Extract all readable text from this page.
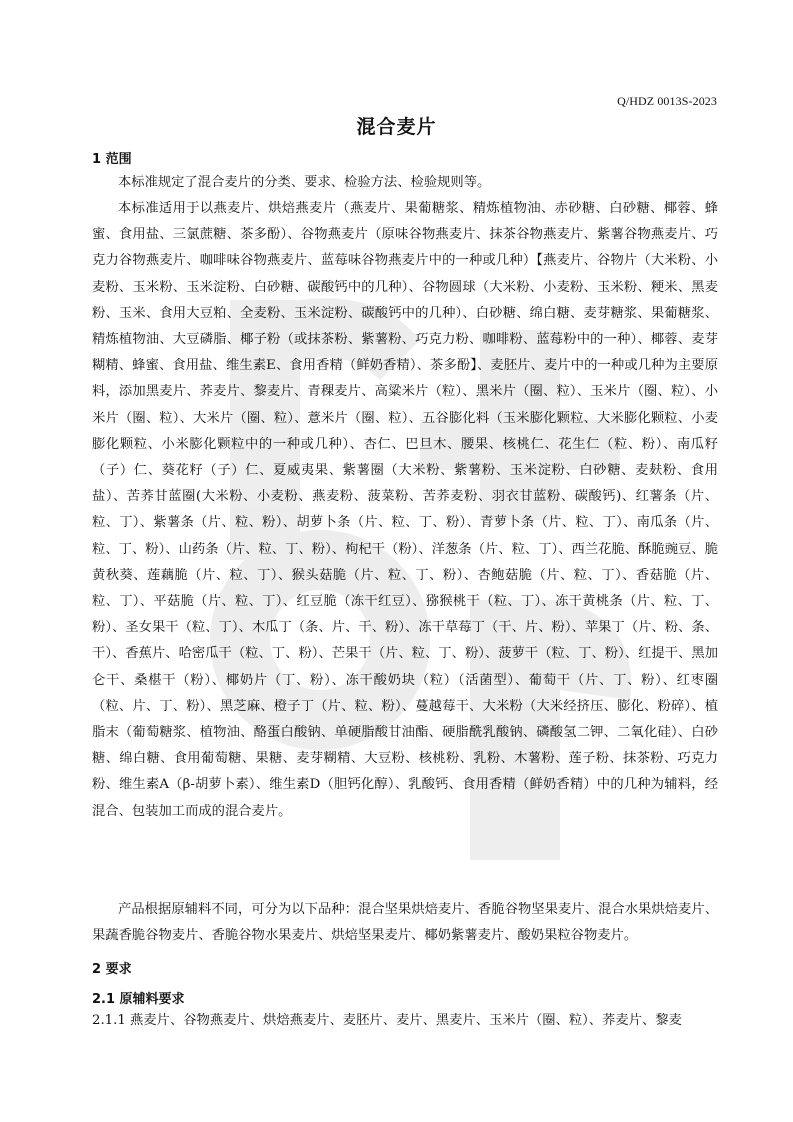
Q/HDZ 0013S-2023
混合麦片
1 范围

本标准规定了混合麦片的分类、要求、检验方法、检验规则等。

本标准适用于以燕麦片、烘焙燕麦片（燕麦片、果葡糖浆、精炼植物油、赤砂糖、白砂糖、椰蓉、蜂蜜、食用盐、三氯蔗糖、茶多酚）、谷物燕麦片（原味谷物燕麦片、抹茶谷物燕麦片、紫薯谷物燕麦片、巧克力谷物燕麦片、咖啡味谷物燕麦片、蓝莓味谷物燕麦片中的一种或几种）【燕麦片、谷物片（大米粉、小麦粉、玉米粉、玉米淀粉、白砂糖、碳酸钙中的几种）、谷物圆球（大米粉、小麦粉、玉米粉、粳米、黑麦粉、玉米、食用大豆粕、全麦粉、玉米淀粉、碳酸钙中的几种）、白砂糖、绵白糖、麦芽糖浆、果葡糖浆、精炼植物油、大豆磷脂、椰子粉（或抹茶粉、紫薯粉、巧克力粉、咖啡粉、蓝莓粉中的一种）、椰蓉、麦芽糊精、蜂蜜、食用盐、维生素E、食用香精（鲜奶香精）、茶多酚】、麦胚片、麦片中的一种或几种为主要原料，添加黑麦片、荞麦片、黎麦片、青稞麦片、高粱米片（粒）、黑米片（圈、粒）、玉米片（圈、粒）、小米片（圈、粒）、大米片（圈、粒）、薏米片（圈、粒）、五谷膨化料（玉米膨化颗粒、大米膨化颗粒、小麦膨化颗粒、小米膨化颗粒中的一种或几种）、杏仁、巴旦木、腰果、核桃仁、花生仁（粒、粉）、南瓜籽（子）仁、葵花籽（子）仁、夏威夷果、紫薯圈（大米粉、紫薯粉、玉米淀粉、白砂糖、麦麸粉、食用盐）、苦荞甘蓝圈(大米粉、小麦粉、燕麦粉、菠菜粉、苦荞麦粉、羽衣甘蓝粉、碳酸钙)、红薯条（片、粒、丁）、紫薯条（片、粒、粉）、胡萝卜条（片、粒、丁、粉）、青萝卜条（片、粒、丁）、南瓜条（片、粒、丁、粉）、山药条（片、粒、丁、粉）、枸杞干（粉）、洋葱条（片、粒、丁）、西兰花脆、酥脆豌豆、脆黄秋葵、莲藕脆（片、粒、丁）、猴头菇脆（片、粒、丁、粉）、杏鲍菇脆（片、粒、丁）、香菇脆（片、粒、丁）、平菇脆（片、粒、丁）、红豆脆（冻干红豆）、猕猴桃干（粒、丁）、冻干黄桃条（片、粒、丁、粉）、圣女果干（粒、丁）、木瓜丁（条、片、干、粉）、冻干草莓丁（干、片、粉）、苹果丁（片、粉、条、干）、香蕉片、哈密瓜干（粒、丁、粉）、芒果干（片、粒、丁、粉）、菠萝干（粒、丁、粉）、红提干、黑加仑干、桑椹干（粉）、椰奶片（丁、粉）、冻干酸奶块（粒）（活菌型）、葡萄干（片、丁、粉）、红枣圈（粒、片、丁、粉）、黑芝麻、橙子丁（片、粒、粉）、蔓越莓干、大米粉（大米经挤压、膨化、粉碎）、植脂末（葡萄糖浆、植物油、酪蛋白酸钠、单硬脂酸甘油酯、硬脂酰乳酸钠、磷酸氢二钾、二氧化硅）、白砂糖、绵白糖、食用葡萄糖、果糖、麦芽糊精、大豆粉、核桃粉、乳粉、木薯粉、莲子粉、抹茶粉、巧克力粉、维生素A（β-胡萝卜素）、维生素D（胆钙化醇）、乳酸钙、食用香精（鲜奶香精）中的几种为辅料，经混合、包装加工而成的混合麦片。

产品根据原辅料不同，可分为以下品种：混合坚果烘焙麦片、香脆谷物坚果麦片、混合水果烘焙麦片、果蔬香脆谷物麦片、香脆谷物水果麦片、烘焙坚果麦片、椰奶紫薯麦片、酸奶果粒谷物麦片。

2 要求
2.1 原辅料要求

2.1.1 燕麦片、谷物燕麦片、烘焙燕麦片、麦胚片、麦片、黑麦片、玉米片（圈、粒）、荞麦片、黎麦
